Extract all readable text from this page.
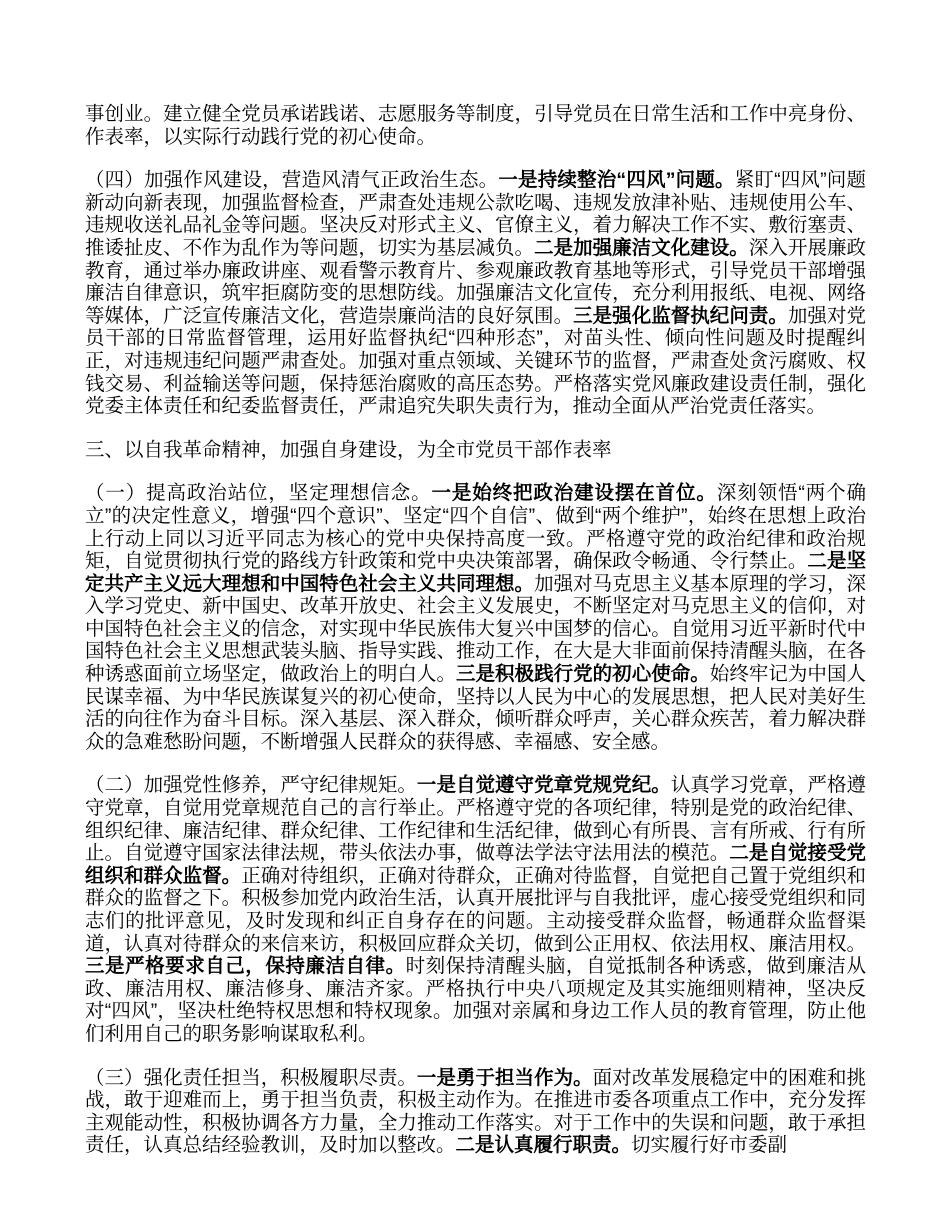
事创业。建立健全党员承诺践诺、志愿服务等制度，引导党员在日常生活和工作中亮身份、作表率，以实际行动践行党的初心使命。

（四）加强作风建设，营造风清气正政治生态。一是持续整治“四风”问题。紧盯“四风”问题新动向新表现，加强监督检查，严肃查处违规公款吃喝、违规发放津补贴、违规使用公车、违规收送礼品礼金等问题。坚决反对形式主义、官僚主义，着力解决工作不实、敷衍塞责、推诿扯皮、不作为乱作为等问题，切实为基层减负。二是加强廉洁文化建设。深入开展廉政教育，通过举办廉政讲座、观看警示教育片、参观廉政教育基地等形式，引导党员干部增强廉洁自律意识，筑牢拒腐防变的思想防线。加强廉洁文化宣传，充分利用报纸、电视、网络等媒体，广泛宣传廉洁文化，营造崇廉尚洁的良好氛围。三是强化监督执纪问责。加强对党员干部的日常监督管理，运用好监督执纪“四种形态”，对苗头性、倾向性问题及时提醒纠正，对违规违纪问题严肃查处。加强对重点领域、关键环节的监督，严肃查处贪污腐败、权钱交易、利益输送等问题，保持惩治腐败的高压态势。严格落实党风廉政建设责任制，强化党委主体责任和纪委监督责任，严肃追究失职失责行为，推动全面从严治党责任落实。

三、以自我革命精神，加强自身建设，为全市党员干部作表率

（一）提高政治站位，坚定理想信念。一是始终把政治建设摆在首位。深刻领悟“两个确立”的决定性意义，增强“四个意识”、坚定“四个自信”、做到“两个维护”，始终在思想上政治上行动上同以习近平同志为核心的党中央保持高度一致。严格遵守党的政治纪律和政治规矩，自觉贯彻执行党的路线方针政策和党中央决策部署，确保政令畅通、令行禁止。二是坚定共产主义远大理想和中国特色社会主义共同理想。加强对马克思主义基本原理的学习，深入学习党史、新中国史、改革开放史、社会主义发展史，不断坚定对马克思主义的信仰，对中国特色社会主义的信念，对实现中华民族伟大复兴中国梦的信心。自觉用习近平新时代中国特色社会主义思想武装头脑、指导实践、推动工作，在大是大非面前保持清醒头脑，在各种诱惑面前立场坚定，做政治上的明白人。三是积极践行党的初心使命。始终牢记为中国人民谋幸福、为中华民族谋复兴的初心使命，坚持以人民为中心的发展思想，把人民对美好生活的向往作为奋斗目标。深入基层、深入群众，倾听群众呼声，关心群众疾苦，着力解决群众的急难愁盼问题，不断增强人民群众的获得感、幸福感、安全感。

（二）加强党性修养，严守纪律规矩。一是自觉遵守党章党规党纪。认真学习党章，严格遵守党章，自觉用党章规范自己的言行举止。严格遵守党的各项纪律，特别是党的政治纪律、组织纪律、廉洁纪律、群众纪律、工作纪律和生活纪律，做到心有所畏、言有所戒、行有所止。自觉遵守国家法律法规，带头依法办事，做尊法学法守法用法的模范。二是自觉接受党组织和群众监督。正确对待组织，正确对待群众，正确对待监督，自觉把自己置于党组织和群众的监督之下。积极参加党内政治生活，认真开展批评与自我批评，虚心接受党组织和同志们的批评意见，及时发现和纠正自身存在的问题。主动接受群众监督，畅通群众监督渠道，认真对待群众的来信来访，积极回应群众关切，做到公正用权、依法用权、廉洁用权。三是严格要求自己，保持廉洁自律。时刻保持清醒头脑，自觉抵制各种诱惑，做到廉洁从政、廉洁用权、廉洁修身、廉洁齐家。严格执行中央八项规定及其实施细则精神，坚决反对“四风”，坚决杜绝特权思想和特权现象。加强对亲属和身边工作人员的教育管理，防止他们利用自己的职务影响谋取私利。

（三）强化责任担当，积极履职尽责。一是勇于担当作为。面对改革发展稳定中的困难和挑战，敢于迎难而上，勇于担当负责，积极主动作为。在推进市委各项重点工作中，充分发挥主观能动性，积极协调各方力量，全力推动工作落实。对于工作中的失误和问题，敢于承担责任，认真总结经验教训，及时加以整改。二是认真履行职责。切实履行好市委副
